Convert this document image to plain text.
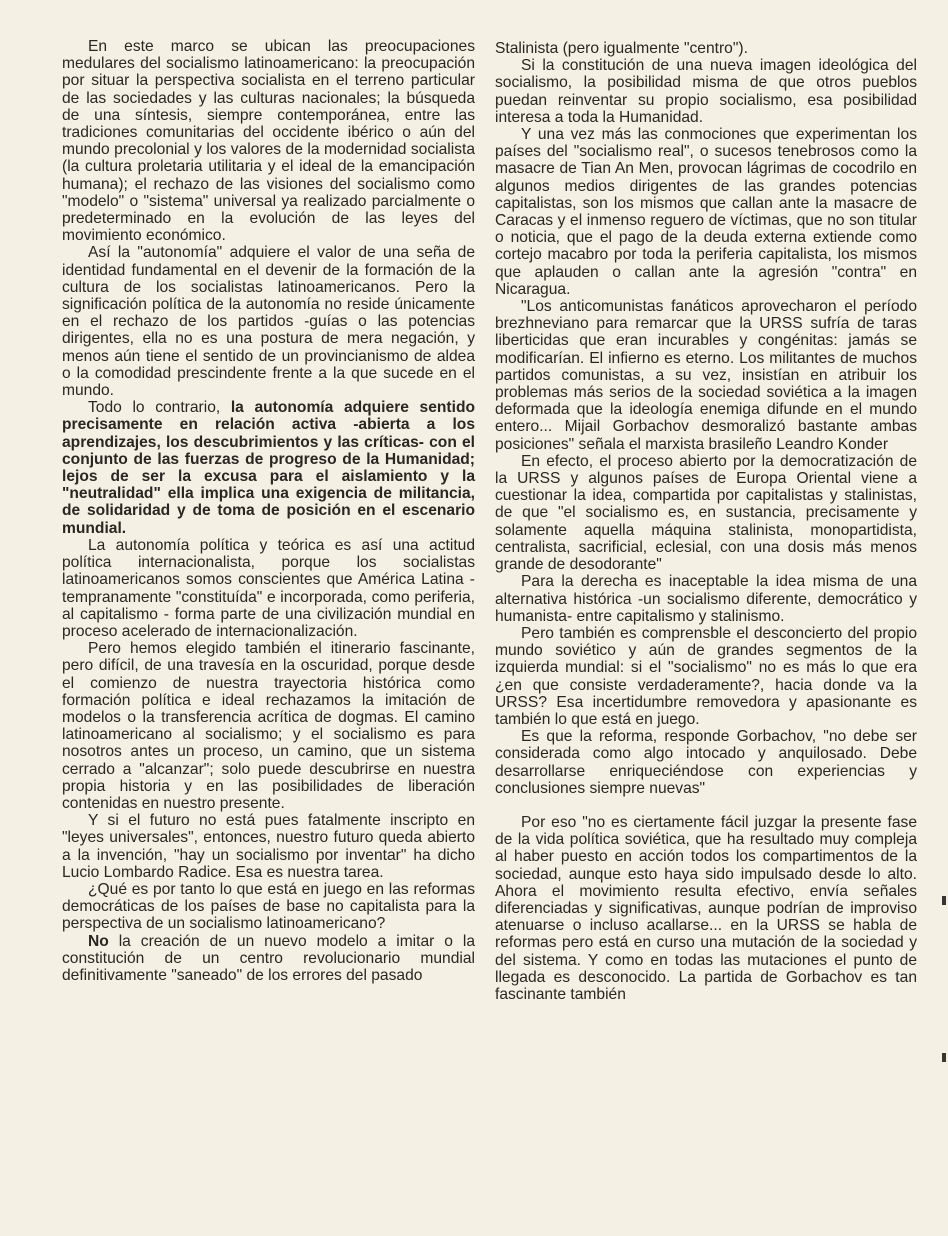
En este marco se ubican las preocupaciones medulares del socialismo latinoamericano: la preocupación por situar la perspectiva socialista en el terreno particular de las sociedades y las culturas nacionales; la búsqueda de una síntesis, siempre contemporánea, entre las tradiciones comunitarias del occidente ibérico o aún del mundo precolonial y los valores de la modernidad socialista (la cultura proletaria utilitaria y el ideal de la emancipación humana); el rechazo de las visiones del socialismo como "modelo" o "sistema" universal ya realizado parcialmente o predeterminado en la evolución de las leyes del movimiento económico.

Así la "autonomía" adquiere el valor de una seña de identidad fundamental en el devenir de la formación de la cultura de los socialistas latinoamericanos. Pero la significación política de la autonomía no reside únicamente en el rechazo de los partidos -guías o las potencias dirigentes, ella no es una postura de mera negación, y menos aún tiene el sentido de un provincianismo de aldea o la comodidad prescindente frente a la que sucede en el mundo.

Todo lo contrario, la autonomía adquiere sentido precisamente en relación activa -abierta a los aprendizajes, los descubrimientos y las críticas- con el conjunto de las fuerzas de progreso de la Humanidad; lejos de ser la excusa para el aislamiento y la "neutralidad" ella implica una exigencia de militancia, de solidaridad y de toma de posición en el escenario mundial.

La autonomía política y teórica es así una actitud política internacionalista, porque los socialistas latinoamericanos somos conscientes que América Latina -tempranamente "constituída" e incorporada, como periferia, al capitalismo - forma parte de una civilización mundial en proceso acelerado de internacionalización.

Pero hemos elegido también el itinerario fascinante, pero difícil, de una travesía en la oscuridad, porque desde el comienzo de nuestra trayectoria histórica como formación política e ideal rechazamos la imitación de modelos o la transferencia acrítica de dogmas. El camino latinoamericano al socialismo; y el socialismo es para nosotros antes un proceso, un camino, que un sistema cerrado a "alcanzar"; solo puede descubrirse en nuestra propia historia y en las posibilidades de liberación contenidas en nuestro presente.

Y si el futuro no está pues fatalmente inscripto en "leyes universales", entonces, nuestro futuro queda abierto a la invención, "hay un socialismo por inventar" ha dicho Lucio Lombardo Radice. Esa es nuestra tarea.

¿Qué es por tanto lo que está en juego en las reformas democráticas de los países de base no capitalista para la perspectiva de un socialismo latinoamericano?

No la creación de un nuevo modelo a imitar o la constitución de un centro revolucionario mundial definitivamente "saneado" de los errores del pasado

Stalinista (pero igualmente "centro").

Si la constitución de una nueva imagen ideológica del socialismo, la posibilidad misma de que otros pueblos puedan reinventar su propio socialismo, esa posibilidad interesa a toda la Humanidad.

Y una vez más las conmociones que experimentan los países del "socialismo real", o sucesos tenebrosos como la masacre de Tian An Men, provocan lágrimas de cocodrilo en algunos medios dirigentes de las grandes potencias capitalistas, son los mismos que callan ante la masacre de Caracas y el inmenso reguero de víctimas, que no son titular o noticia, que el pago de la deuda externa extiende como cortejo macabro por toda la periferia capitalista, los mismos que aplauden o callan ante la agresión "contra" en Nicaragua.

"Los anticomunistas fanáticos aprovecharon el período brezhneviano para remarcar que la URSS sufría de taras liberticidas que eran incurables y congénitas: jamás se modificarían. El infierno es eterno. Los militantes de muchos partidos comunistas, a su vez, insistían en atribuir los problemas más serios de la sociedad soviética a la imagen deformada que la ideología enemiga difunde en el mundo entero... Mijail Gorbachov desmoralizó bastante ambas posiciones" señala el marxista brasileño Leandro Konder

En efecto, el proceso abierto por la democratización de la URSS y algunos países de Europa Oriental viene a cuestionar la idea, compartida por capitalistas y stalinistas, de que "el socialismo es, en sustancia, precisamente y solamente aquella máquina stalinista, monopartidista, centralista, sacrificial, eclesial, con una dosis más menos grande de desodorante"

Para la derecha es inaceptable la idea misma de una alternativa histórica -un socialismo diferente, democrático y humanista- entre capitalismo y stalinismo.

Pero también es comprensble el desconcierto del propio mundo soviético y aún de grandes segmentos de la izquierda mundial: si el "socialismo" no es más lo que era ¿en que consiste verdaderamente?, hacia donde va la URSS? Esa incertidumbre removedora y apasionante es también lo que está en juego.

Es que la reforma, responde Gorbachov, "no debe ser considerada como algo intocado y anquilosado. Debe desarrollarse enriqueciéndose con experiencias y conclusiones siempre nuevas"

Por eso "no es ciertamente fácil juzgar la presente fase de la vida política soviética, que ha resultado muy compleja al haber puesto en acción todos los compartimentos de la sociedad, aunque esto haya sido impulsado desde lo alto. Ahora el movimiento resulta efectivo, envía señales diferenciadas y significativas, aunque podrían de improviso atenuarse o incluso acallarse... en la URSS se habla de reformas pero está en curso una mutación de la sociedad y del sistema. Y como en todas las mutaciones el punto de llegada es desconocido. La partida de Gorbachov es tan fascinante también
